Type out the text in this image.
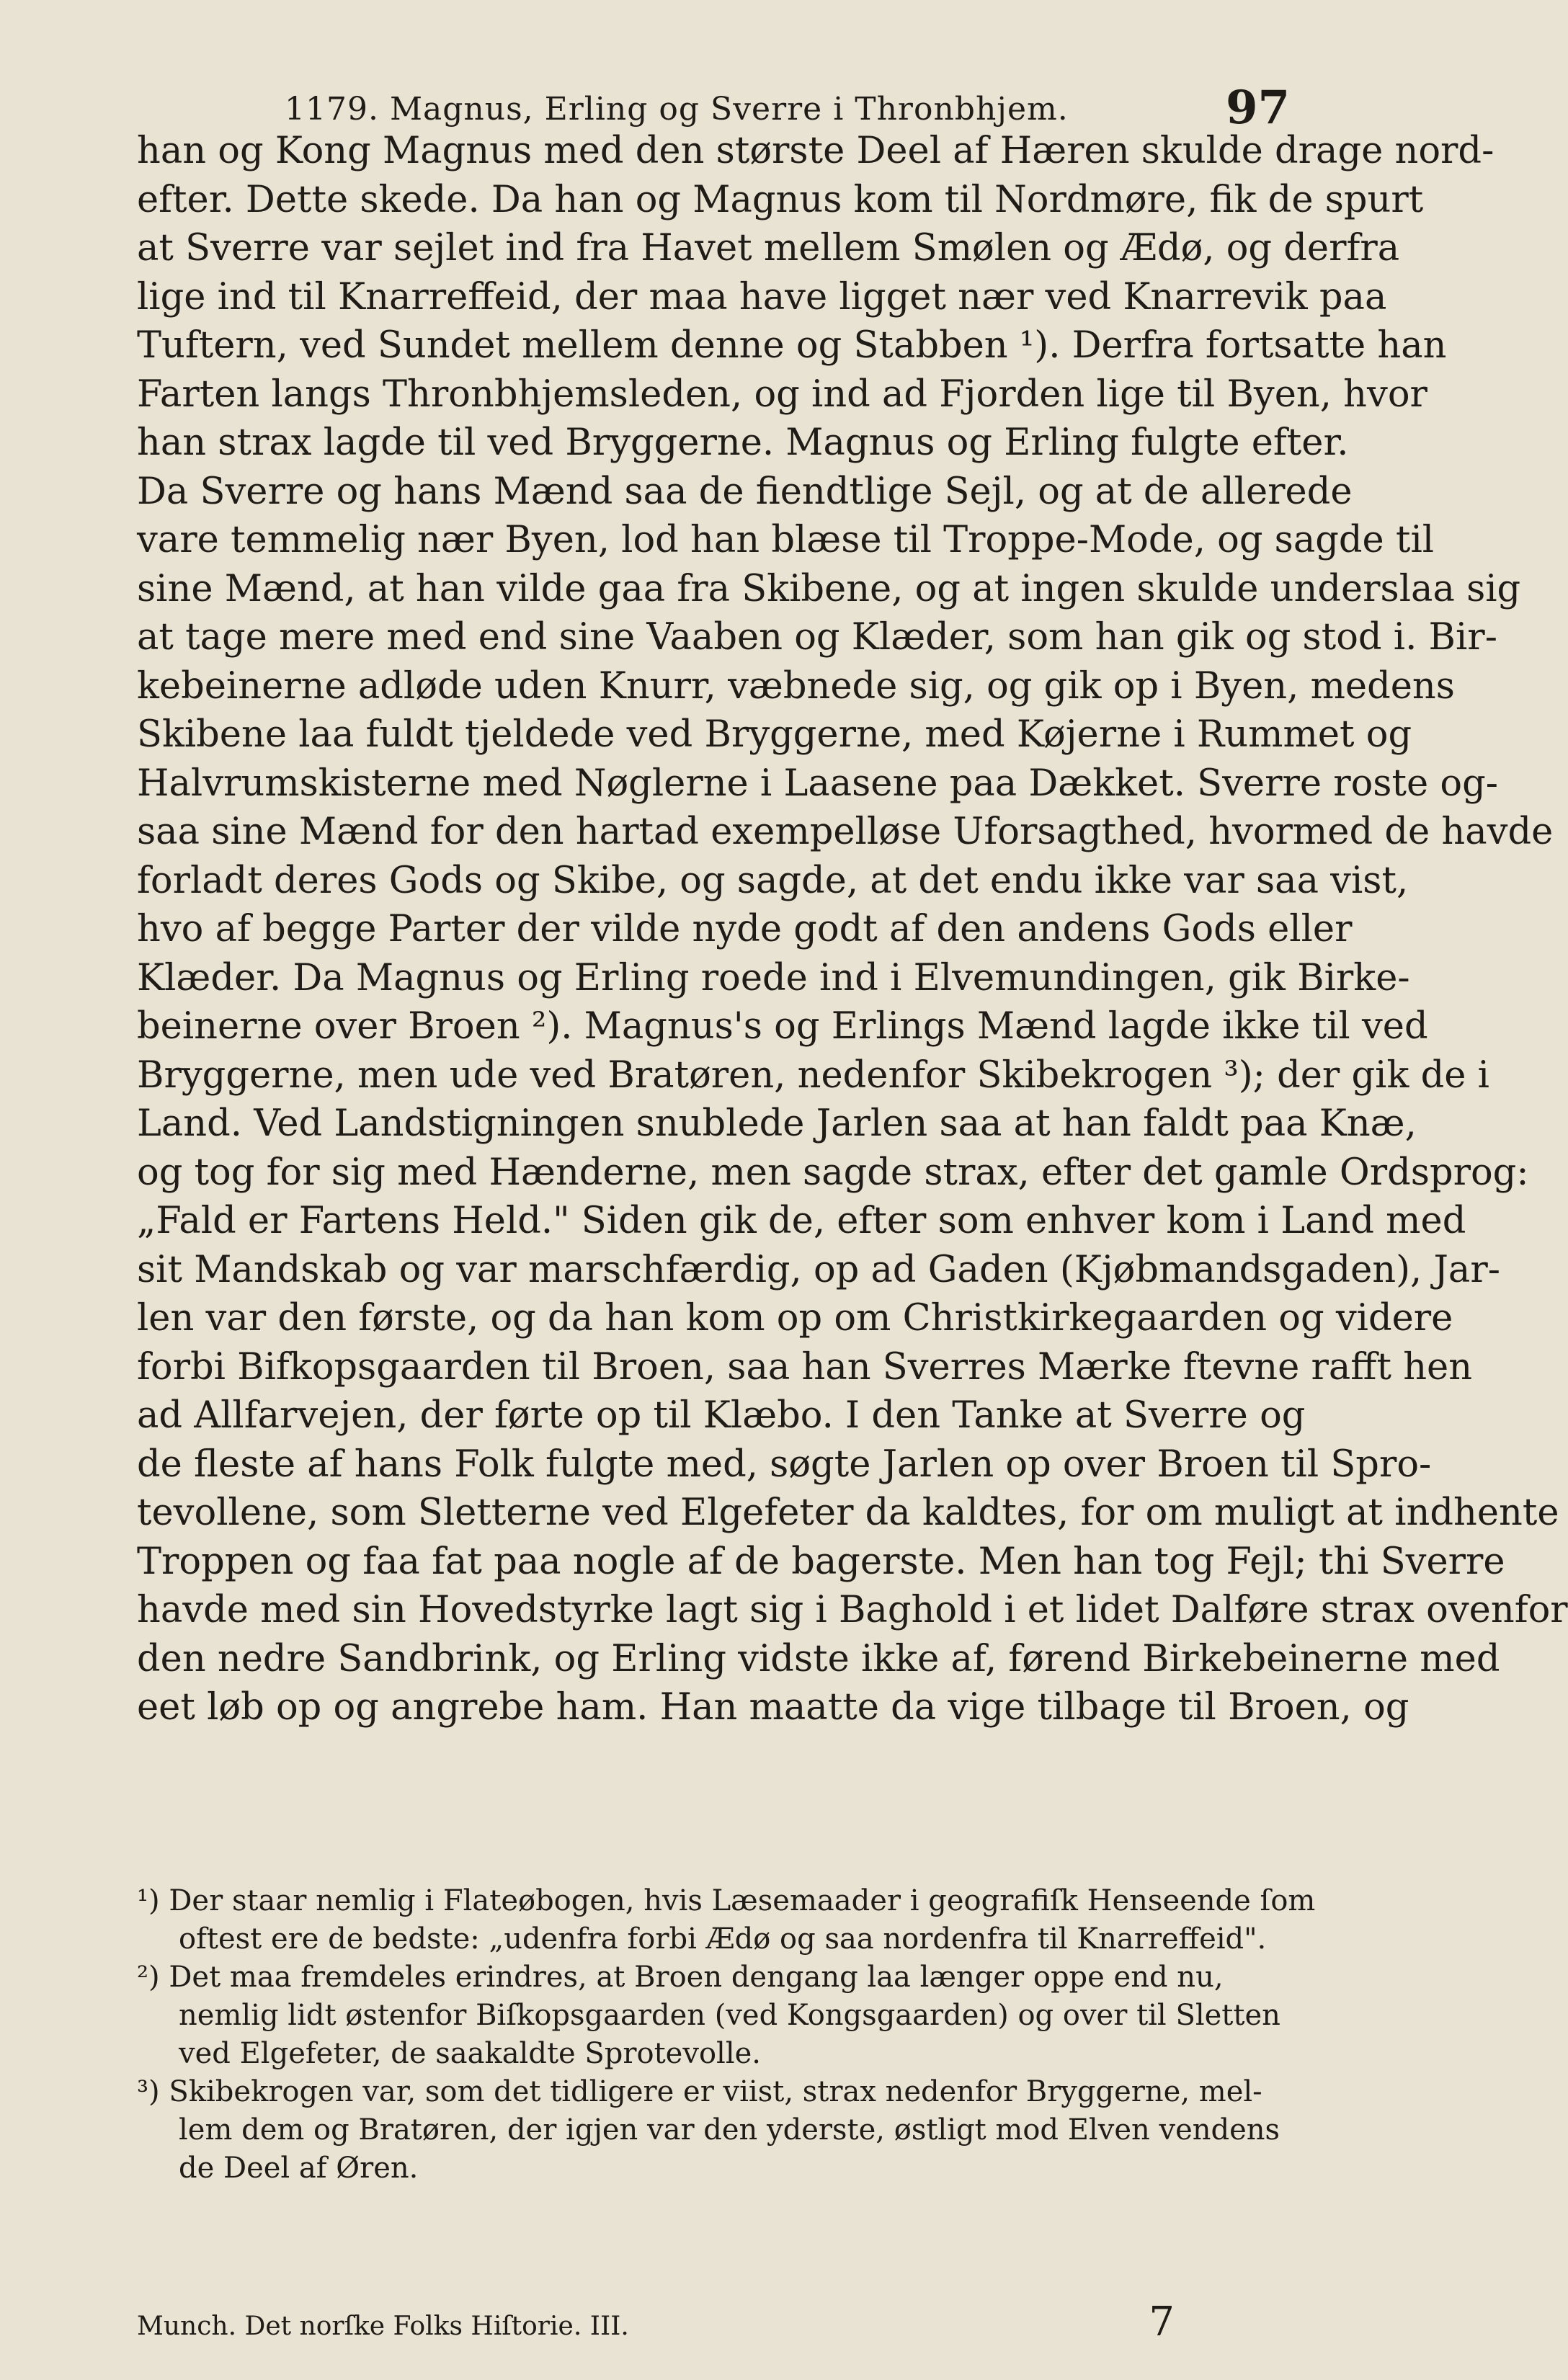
1179. Magnus, Erling og Sverre i Thronbhjem.	97
han og Kong Magnus med den største Deel af Hæren skulde drage nord-
efter. Dette skede. Da han og Magnus kom til Nordmøre, fik de spurt
at Sverre var sejlet ind fra Havet mellem Smølen og Ædø, og derfra
lige ind til Knarreffeid, der maa have ligget nær ved Knarrevik paa
Tuftern, ved Sundet mellem denne og Stabben ¹). Derfra fortsatte han
Farten langs Thronbhjemsleden, og ind ad Fjorden lige til Byen, hvor
han strax lagde til ved Bryggerne. Magnus og Erling fulgte efter.
Da Sverre og hans Mænd saa de fiendtlige Sejl, og at de allerede
vare temmelig nær Byen, lod han blæse til Troppe-Mode, og sagde til
sine Mænd, at han vilde gaa fra Skibene, og at ingen skulde underslaa sig
at tage mere med end sine Vaaben og Klæder, som han gik og stod i. Bir-
kebeinerne adløde uden Knurr, væbnede sig, og gik op i Byen, medens
Skibene laa fuldt tjeldede ved Bryggerne, med Køjerne i Rummet og
Halvrumskisterne med Nøglerne i Laasene paa Dækket. Sverre roste og-
saa sine Mænd for den hartad exempelløse Uforsagthed, hvormed de havde
forladt deres Gods og Skibe, og sagde, at det endu ikke var saa vist,
hvo af begge Parter der vilde nyde godt af den andens Gods eller
Klæder. Da Magnus og Erling roede ind i Elvemundingen, gik Birke-
beinerne over Broen ²). Magnus's og Erlings Mænd lagde ikke til ved
Bryggerne, men ude ved Bratøren, nedenfor Skibekrogen ³); der gik de i
Land. Ved Landstigningen snublede Jarlen saa at han faldt paa Knæ,
og tog for sig med Hænderne, men sagde strax, efter det gamle Ordsprog:
„Fald er Fartens Held." Siden gik de, efter som enhver kom i Land med
sit Mandskab og var marschfærdig, op ad Gaden (Kjøbmandsgaden), Jar-
len var den første, og da han kom op om Christkirkegaarden og videre
forbi Bifkopsgaarden til Broen, saa han Sverres Mærke ftevne rafft hen
ad Allfarvejen, der førte op til Klæbo. I den Tanke at Sverre og
de fleste af hans Folk fulgte med, søgte Jarlen op over Broen til Spro-
tevollene, som Sletterne ved Elgefeter da kaldtes, for om muligt at indhente
Troppen og faa fat paa nogle af de bagerste. Men han tog Fejl; thi Sverre
havde med sin Hovedstyrke lagt sig i Baghold i et lidet Dalføre strax ovenfor
den nedre Sandbrink, og Erling vidste ikke af, førend Birkebeinerne med
eet løb op og angrebe ham. Han maatte da vige tilbage til Broen, og
¹) Der staar nemlig i Flateøbogen, hvis Læsemaader i geografiſk Henseende ſom
oftest ere de bedste: „udenfra forbi Ædø og saa nordenfra til Knarreffeid".
²) Det maa fremdeles erindres, at Broen dengang laa længer oppe end nu,
nemlig lidt østenfor Biſkopsgaarden (ved Kongsgaarden) og over til Sletten
ved Elgefeter, de saakaldte Sprotevolle.
³) Skibekrogen var, som det tidligere er viist, strax nedenfor Bryggerne, mel-
lem dem og Bratøren, der igjen var den yderste, østligt mod Elven vendens
de Deel af Øren.
Munch. Det norſke Folks Hiſtorie. III.	7
